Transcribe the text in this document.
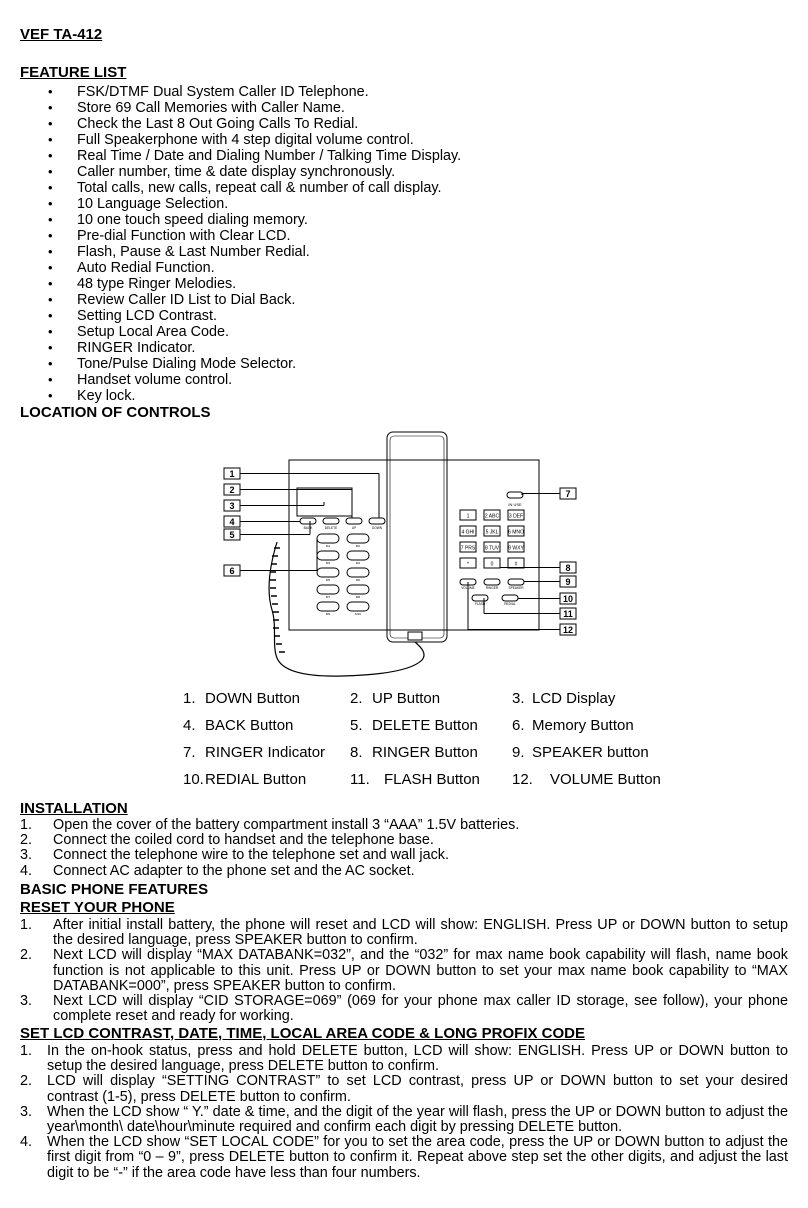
VEF TA-412
FEATURE LIST
• FSK/DTMF Dual System Caller ID Telephone.
• Store 69 Call Memories with Caller Name.
• Check the Last 8 Out Going Calls To Redial.
• Full Speakerphone with 4 step digital volume control.
• Real Time / Date and Dialing Number / Talking Time Display.
• Caller number, time & date display synchronously.
• Total calls, new calls, repeat call & number of call display.
• 10 Language Selection.
• 10 one touch speed dialing memory.
• Pre-dial Function with Clear LCD.
• Flash, Pause & Last Number Redial.
• Auto Redial Function.
• 48 type Ringer Melodies.
• Review Caller ID List to Dial Back.
• Setting LCD Contrast.
• Setup Local Area Code.
• RINGER Indicator.
• Tone/Pulse Dialing Mode Selector.
• Handset volume control.
• Key lock.
LOCATION OF CONTROLS
BACK	DELETE	UP	DOWN
M1	M2
M3	M4
M5	M6
M7	M8
M9	M10
1	2 ABC 3 DEF
4 GHI 5 JKL 6 MNO
7 PRS 8 TUV 9 WXY
*	0	#
IN USE
VOLUME	RINGER	SPEAKER
FLASH	REDIAL
1
2
3
4
5
6
7
8
9
10
11
12
1. DOWN Button	2. UP Button	3. LCD Display
4. BACK Button	5. DELETE Button 6. Memory Button
7. RINGER Indicator 8. RINGER Button 9. SPEAKER button
10.REDIAL Button	11. FLASH Button 12. VOLUME Button
INSTALLATION
1. Open the cover of the battery compartment install 3 “AAA” 1.5V batteries.
2. Connect the coiled cord to handset and the telephone base.
3. Connect the telephone wire to the telephone set and wall jack.
4. Connect AC adapter to the phone set and the AC socket.
BASIC PHONE FEATURES
RESET YOUR PHONE
1. After initial install battery, the phone will reset and LCD will show: ENGLISH. Press UP or DOWN button to setup the desired language, press SPEAKER button to confirm.
2. Next LCD will display “MAX DATABANK=032”, and the “032” for max name book capability will flash, name book function is not applicable to this unit. Press UP or DOWN button to set your max name book capability to “MAX DATABANK=000”, press SPEAKER button to confirm.
3. Next LCD will display “CID STORAGE=069” (069 for your phone max caller ID storage, see follow), your phone complete reset and ready for working.
SET LCD CONTRAST, DATE, TIME, LOCAL AREA CODE & LONG PROFIX CODE
1. In the on-hook status, press and hold DELETE button, LCD will show: ENGLISH. Press UP or DOWN button to setup the desired language, press DELETE button to confirm.
2. LCD will display “SETTING CONTRAST” to set LCD contrast, press UP or DOWN button to set your desired contrast (1-5), press DELETE button to confirm.
3. When the LCD show “ Y.” date & time, and the digit of the year will flash, press the UP or DOWN button to adjust the year\month\ date\hour\minute required and confirm each digit by pressing DELETE button.
4. When the LCD show “SET LOCAL CODE” for you to set the area code, press the UP or DOWN button to adjust the first digit from “0 – 9”, press DELETE button to confirm it. Repeat above step set the other digits, and adjust the last digit to be “-” if the area code have less than four numbers.
